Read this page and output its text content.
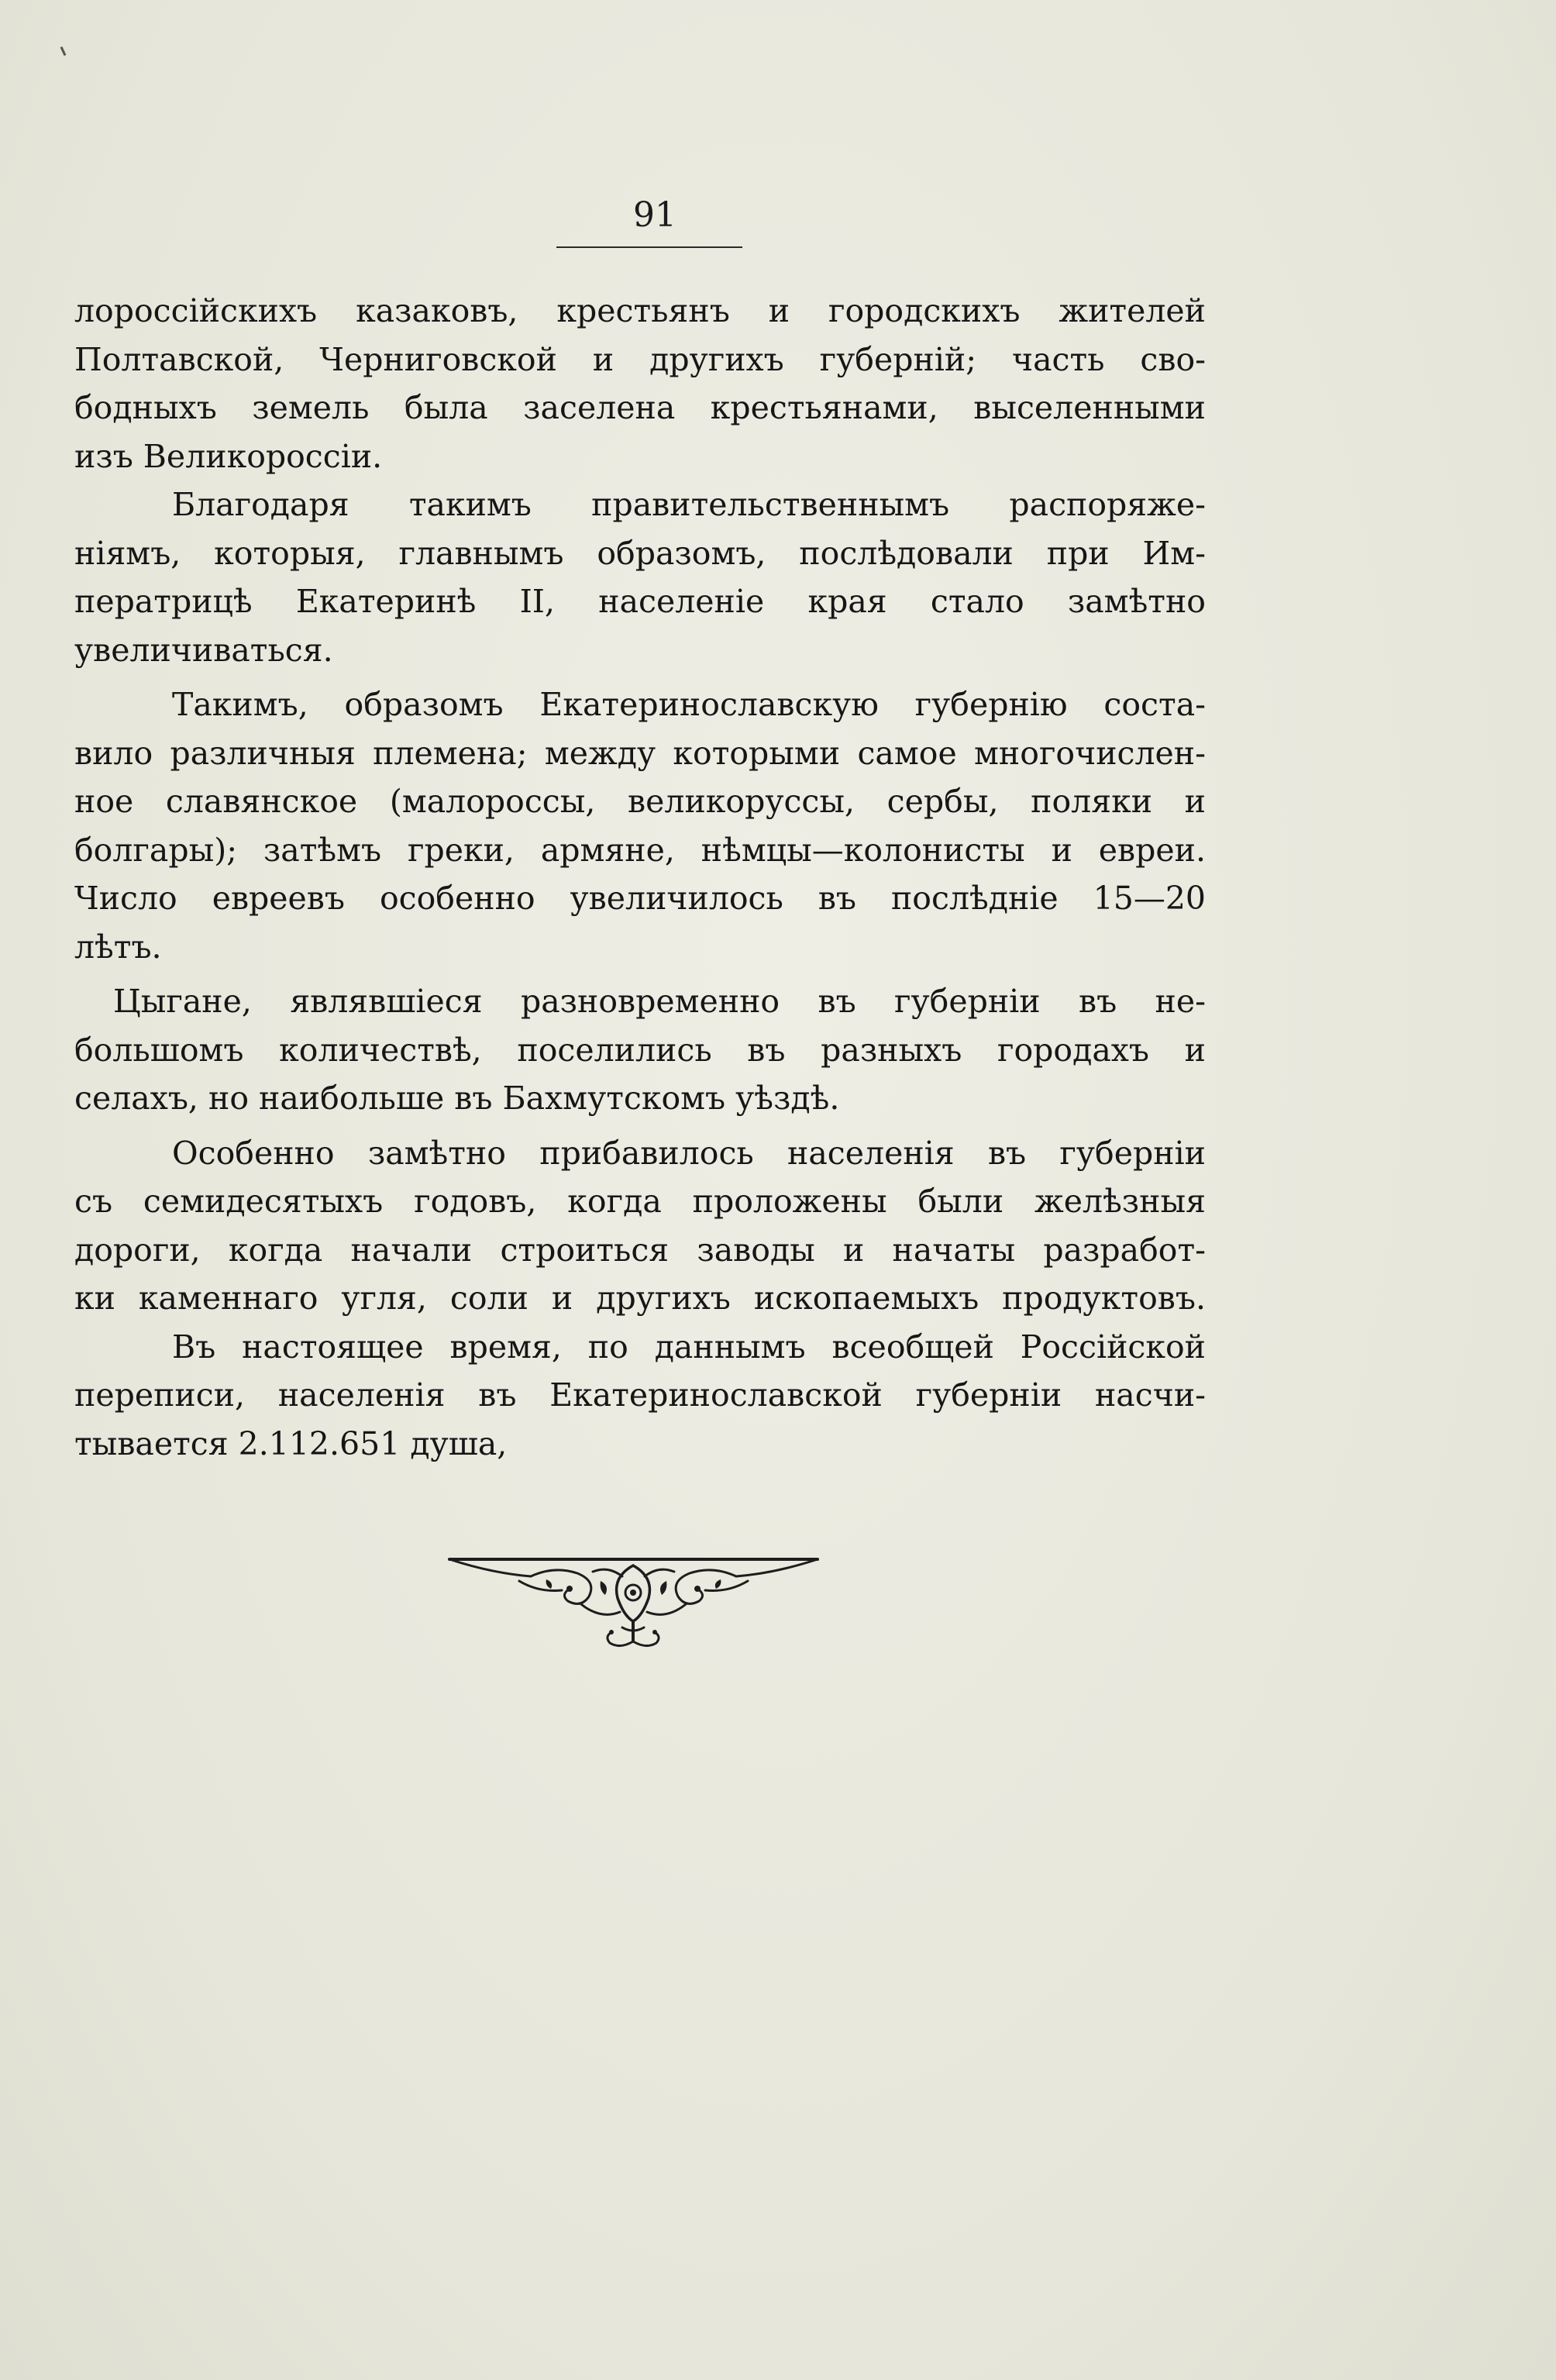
91
лороссійскихъ казаковъ, крестьянъ и городскихъ жителей
Полтавской, Черниговской и другихъ губерній; часть сво-
бодныхъ земель была заселена крестьянами, выселенными
изъ Великороссіи.
Благодаря такимъ правительственнымъ распоряже-
ніямъ, которыя, главнымъ образомъ, послѣдовали при Им-
ператрицѣ Екатеринѣ II, населеніе края стало замѣтно
увеличиваться.
Такимъ, образомъ Екатеринославскую губернію соста-
вило различныя племена; между которыми самое многочислен-
ное славянское (малороссы, великоруссы, сербы, поляки и
болгары); затѣмъ греки, армяне, нѣмцы—колонисты и евреи.
Число евреевъ особенно увеличилось въ послѣдніе 15—20
лѣтъ.
Цыгане, являвшіеся разновременно въ губерніи въ не-
большомъ количествѣ, поселились въ разныхъ городахъ и
селахъ, но наибольше въ Бахмутскомъ уѣздѣ.
Особенно замѣтно прибавилось населенія въ губерніи
съ семидесятыхъ годовъ, когда проложены были желѣзныя
дороги, когда начали строиться заводы и начаты разработ-
ки каменнаго угля, соли и другихъ ископаемыхъ продуктовъ.
Въ настоящее время, по даннымъ всеобщей Россійской
переписи, населенія въ Екатеринославской губерніи насчи-
тывается 2.112.651 душа,
